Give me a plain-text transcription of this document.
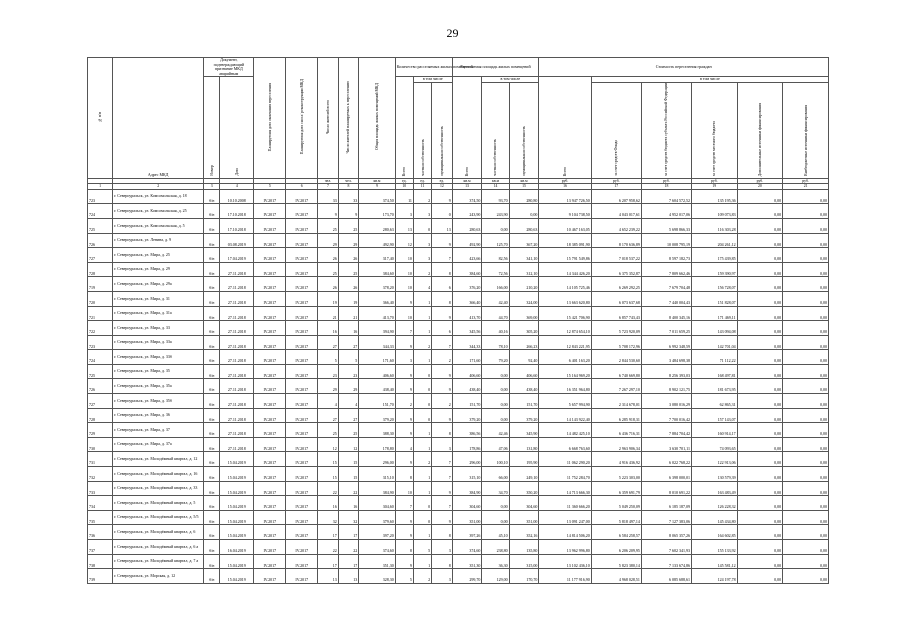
29
№ п/п	Адрес МКД	Документ, подтверждающий признание МКД аварийным		Планируемая дата окончания переселения	Планируемая дата сноса/ реконструкции МКД	Число жителей всего	Число жителей планируемых к переселению	Общая площадь жилых помещений МКД	Количество расселяемых жилых помещений			Расселяемая площадь жилых помещений			Стоимость переселения граждан					
		Номер	Дата						Всего	в том числе		Всего	в том числе		Всего	в том числе				
										частная собственность	муниципальная собственность		частная собственность	муниципальная собственность		за счет средств Фонда	за счет средств бюджета субъекта Российской Федерации	за счет средств местного бюджета	Дополнительные источники финансирования	Внебюджетные источники финансирования
						чел.	чел.	кв.м	ед.	ед.	ед.	кв.м	кв.м	кв.м	руб.	руб.	руб.	руб.	руб.	руб.
1	2	3	4	5	6	7	8	9	10	11	12	13	14	15	16	17	18	19	20	21
723	г. Североуральск, ул. Комсомольская, д. 18	б/н	10.10.2008	IV.2017	IV.2017	33	33	374,50	11	2	9	374,50	93,70	280,80	13 947 726,50	6 207 958,62	7 604 572,52	135 195,36	0,00	0,00
724	г. Североуральск, ул. Комсомольская, д. 25	б/н	17.10.2018	IV.2017	IV.2017	9	9	173,70	3	3	0	243,90	243,90	0,00	9 104 738,50	4 043 017,61	4 952 017,06	109 073,83	0,00	0,00
725	г. Североуральск, ул. Комсомольская, д. 5	б/н	17.10.2018	IV.2017	IV.2017	25	25	280,63	13	0	13	280,63	0,00	280,63	10 467 163,05	4 652 239,22	5 698 866,33	116 303,28	0,00	0,00
726	г. Североуральск, ул. Ленина, д. 9	б/н	03.08.2019	IV.2017	IV.2017	29	29	492,90	12	3	9	492,90	125,70	367,20	18 385 091,90	8 170 636,89	10 008 795,19	204 261,12	0,00	0,00
727	г. Североуральск, ул. Мира, д. 25	б/н	17.04.2019	IV.2017	IV.2017	26	26	317,40	10	3	7	423,66	82,56	341,10	15 791 549,86	7 018 537,22	8 597 182,73	175 439,85	0,00	0,00
728	г. Североуральск, ул. Мира, д. 29	б/н	27.11.2018	IV.2017	IV.2017	25	25	384,60	10	2	8	384,60	72,56	312,10	14 344 426,20	6 375 352,87	7 809 662,46	159 390,97	0,00	0,00
719	г. Североуральск, ул. Мира, д. 29а	б/н	27.11.2018	IV.2017	IV.2017	26	26	378,20	10	4	6	376,20	166,00	210,20	14 105 725,46	6 269 292,25	7 679 704,48	156 728,07	0,00	0,00
720	г. Североуральск, ул. Мира, д. 31	б/н	27.11.2018	IV.2017	IV.2017	19	19	366,40	9	1	8	366,40	42,40	324,00	13 663 620,80	6 073 637,68	7 440 004,43	151 828,07	0,00	0,00
721	г. Североуральск, ул. Мира, д. 31а	б/н	27.11.2018	IV.2017	IV.2017	21	21	413,70	10	1	9	413,70	44,70	369,00	15 421 706,90	6 857 743,43	8 400 345,16	171 469,11	0,00	0,00
722	г. Североуральск, ул. Мира, д. 33	б/н	27.11.2018	IV.2017	IV.2017	16	16	394,90	7	1	6	345,56	40,16	305,20	12 874 654,10	5 723 920,09	7 011 659,25	143 094,08	0,00	0,00
723	г. Североуральск, ул. Мира, д. 33а	б/н	27.11.2018	IV.2017	IV.2017	27	27	344,33	9	2	7	344,33	78,10	266,23	12 843 221,95	5 708 172,96	6 992 348,59	142 701,04	0,00	0,00
724	г. Североуральск, ул. Мира, д. 33б	б/н	27.11.2018	IV.2017	IV.2017	5	5	171,60	3	1	2	171,60	79,20	92,40	6 401 163,20	2 844 530,60	3 484 698,38	71 112,22	0,00	0,00
725	г. Североуральск, ул. Мира, д. 35	б/н	27.11.2018	IV.2017	IV.2017	23	23	406,60	9	0	9	406,60	0,00	406,60	15 164 969,20	6 740 669,80	8 256 393,03	168 497,81	0,00	0,00
726	г. Североуральск, ул. Мира, д. 35а	б/н	27.11.2018	IV.2017	IV.2017	29	29	438,40	9	0	9	438,40	0,00	438,40	16 351 964,80	7 267 297,10	8 902 121,75	181 673,95	0,00	0,00
727	г. Североуральск, ул. Мира, д. 35б	б/н	27.11.2018	IV.2017	IV.2017	4	4	151,70	2	0	2	151,70	0,00	151,70	5 657 994,90	2 314 678,01	3 080 016,29	62 865,31	0,00	0,00
728	г. Североуральск, ул. Мира, д. 36	б/н	27.11.2018	IV.2017	IV.2017	27	27	379,20	9	0	9	379,20	0,00	379,20	14 143 922,40	6 285 918,31	7 700 016,42	157 143,07	0,00	0,00
729	г. Североуральск, ул. Мира, д. 37	б/н	27.11.2018	IV.2017	IV.2017	25	25	388,30	9	1	8	386,56	42,46	345,90	14 482 425,10	6 436 716,31	7 884 704,42	160 914,17	0,00	0,00
730	г. Североуральск, ул. Мира, д. 37а	б/н	27.11.2018	IV.2017	IV.2017	12	12	178,80	4	1	3	178,86	47,06	131,80	6 668 763,60	2 963 906,34	3 630 701,11	74 093,65	0,00	0,00
731	г. Североуральск, ул. Молодёжный квартал, д. 12	б/н	15.04.2019	IV.2017	IV.2017	15	15	296,00	9	2	7	296,00	100,10	195,90	11 062 290,20	4 916 436,92	6 022 768,22	122 913,06	0,00	0,00
732	г. Североуральск, ул. Молодёжный квартал, д. 16	б/н	15.04.2019	IV.2017	IV.2017	15	15	315,10	8	1	7	315,10	66,00	249,10	11 752 284,70	5 223 303,00	6 398 000,01	130 579,39	0,00	0,00
733	г. Североуральск, ул. Молодёжный квартал, д. 33	б/н	15.04.2019	IV.2017	IV.2017	22	22	384,90	10	1	9	384,90	34,70	350,20	14 713 666,30	6 359 691,79	8 010 691,22	163 483,49	0,00	0,00
734	г. Североуральск, ул. Молодёжный квартал, д. 5	б/н	15.04.2019	IV.2017	IV.2017	16	16	304,60	7	0	7	304,60	0,00	304,60	11 360 666,20	5 049 250,09	6 185 187,09	126 228,32	0,00	0,00
735	г. Североуральск, ул. Молодёжный квартал, д. 5/5	б/н	15.04.2019	IV.2017	IV.2017	32	32	379,60	9	0	9	351,00	0,00	351,00	13 091 247,00	5 818 497,14	7 127 383,06	145 434,80	0,00	0,00
736	г. Североуральск, ул. Молодёжный квартал, д. 6	б/н	15.04.2019	IV.2017	IV.2017	17	17	397,20	9	1	8	397,26	45,10	352,16	14 814 506,20	6 584 258,57	8 065 357,26	164 602,85	0,00	0,00
737	г. Североуральск, ул. Молодёжный квартал, д. 6 а	б/н	16.04.2019	IV.2017	IV.2017	22	22	374,60	8	5	3	374,60	238,80	135,80	13 962 996,80	6 206 209,95	7 602 341,93	155 133,92	0,00	0,00
738	г. Североуральск, ул. Молодёжный квартал, д. 7 а	б/н	15.04.2019	IV.2017	IV.2017	17	17	351,30	9	1	8	351,30	36,30	315,00	13 102 436,10	5 823 380,14	7 133 674,86	145 581,12	0,00	0,00
739	г. Североуральск, ул. Морская, д. 12	б/н	15.04.2019	IV.2017	IV.2017	13	13	328,30	5	2	3	299,70	129,00	170,70	11 177 916,90	4 968 028,51	6 085 688,61	124 197,78	0,00	0,00
